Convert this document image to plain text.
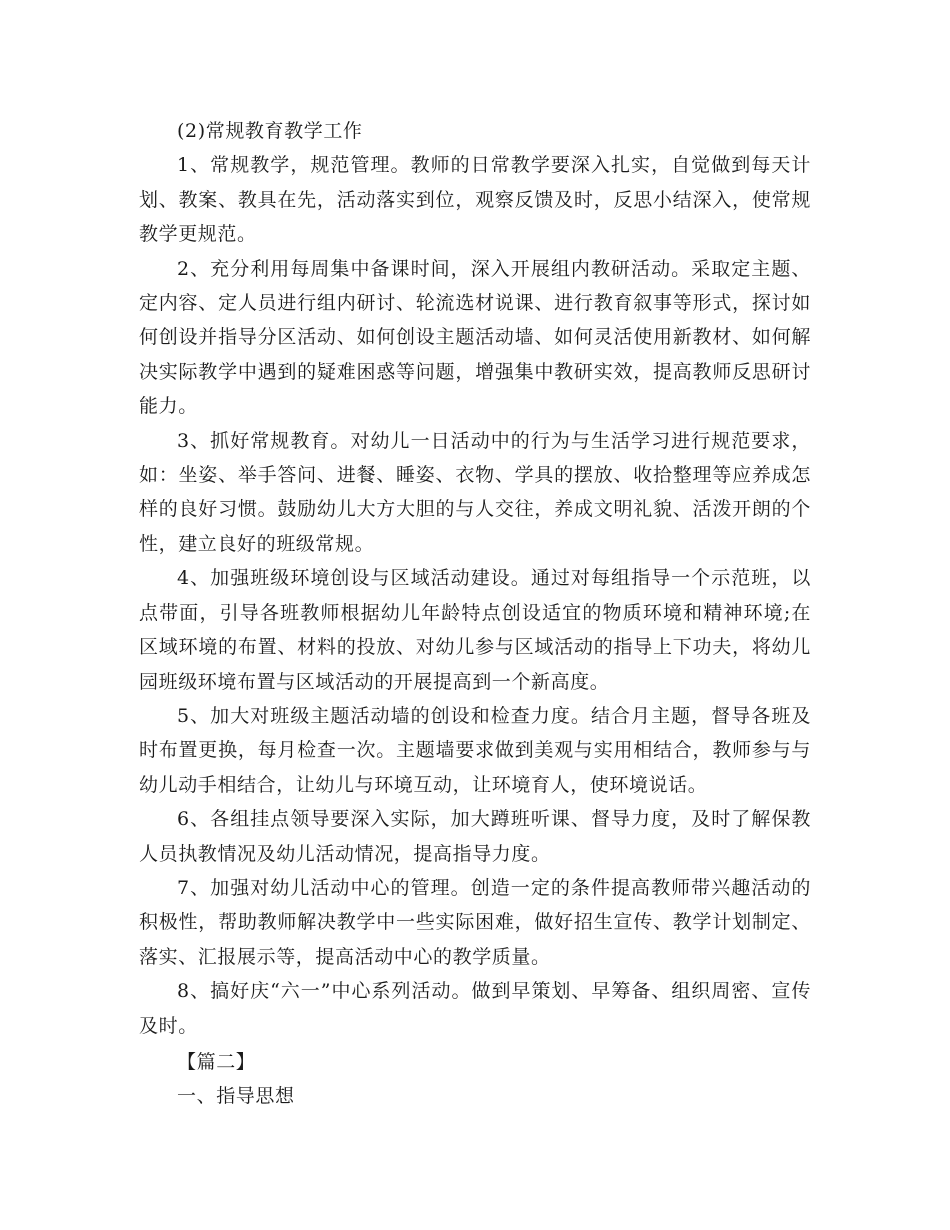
(2)常规教育教学工作

1、常规教学，规范管理。教师的日常教学要深入扎实，自觉做到每天计划、教案、教具在先，活动落实到位，观察反馈及时，反思小结深入，使常规教学更规范。

2、充分利用每周集中备课时间，深入开展组内教研活动。采取定主题、定内容、定人员进行组内研讨、轮流选材说课、进行教育叙事等形式，探讨如何创设并指导分区活动、如何创设主题活动墙、如何灵活使用新教材、如何解决实际教学中遇到的疑难困惑等问题，增强集中教研实效，提高教师反思研讨能力。

3、抓好常规教育。对幼儿一日活动中的行为与生活学习进行规范要求，如：坐姿、举手答问、进餐、睡姿、衣物、学具的摆放、收拾整理等应养成怎样的良好习惯。鼓励幼儿大方大胆的与人交往，养成文明礼貌、活泼开朗的个性，建立良好的班级常规。

4、加强班级环境创设与区域活动建设。通过对每组指导一个示范班，以点带面，引导各班教师根据幼儿年龄特点创设适宜的物质环境和精神环境;在区域环境的布置、材料的投放、对幼儿参与区域活动的指导上下功夫，将幼儿园班级环境布置与区域活动的开展提高到一个新高度。

5、加大对班级主题活动墙的创设和检查力度。结合月主题，督导各班及时布置更换，每月检查一次。主题墙要求做到美观与实用相结合，教师参与与幼儿动手相结合，让幼儿与环境互动，让环境育人，使环境说话。

6、各组挂点领导要深入实际，加大蹲班听课、督导力度，及时了解保教人员执教情况及幼儿活动情况，提高指导力度。

7、加强对幼儿活动中心的管理。创造一定的条件提高教师带兴趣活动的积极性，帮助教师解决教学中一些实际困难，做好招生宣传、教学计划制定、落实、汇报展示等，提高活动中心的教学质量。

8、搞好庆“六一”中心系列活动。做到早策划、早筹备、组织周密、宣传及时。

【篇二】

一、指导思想
